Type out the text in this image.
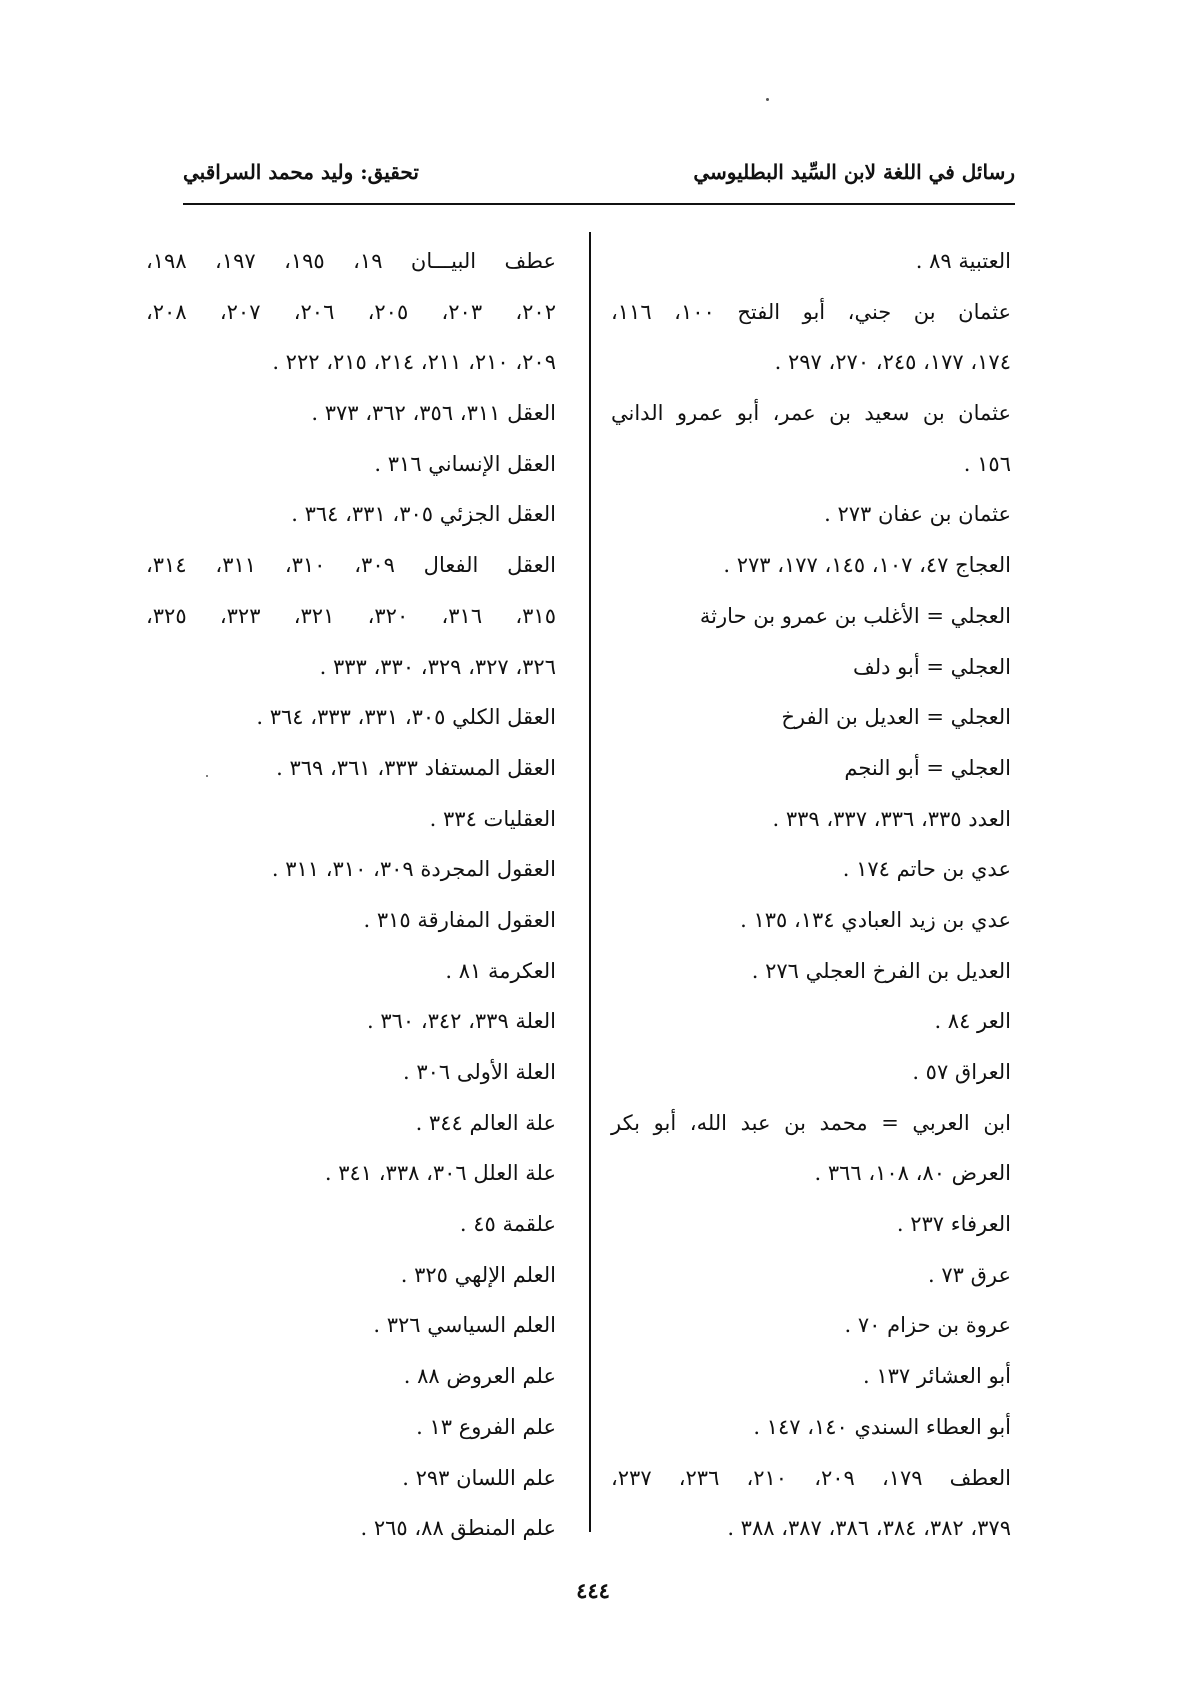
رسائل في اللغة لابن السِّيد البطليوسي
تحقيق: وليد محمد السراقبي
العتبية ٨٩ .
عثمان بن جني، أبو الفتح ١٠٠، ١١٦،
١٧٤، ١٧٧، ٢٤٥، ٢٧٠، ٢٩٧ .
عثمان بن سعيد بن عمر، أبو عمرو الداني
١٥٦ .
عثمان بن عفان ٢٧٣ .
العجاج ٤٧، ١٠٧، ١٤٥، ١٧٧، ٢٧٣ .
العجلي = الأغلب بن عمرو بن حارثة
العجلي = أبو دلف
العجلي = العديل بن الفرخ
العجلي = أبو النجم
العدد ٣٣٥، ٣٣٦، ٣٣٧، ٣٣٩ .
عدي بن حاتم ١٧٤ .
عدي بن زيد العبادي ١٣٤، ١٣٥ .
العديل بن الفرخ العجلي ٢٧٦ .
العر ٨٤ .
العراق ٥٧ .
ابن العربي = محمد بن عبد الله، أبو بكر
العرض ٨٠، ١٠٨، ٣٦٦ .
العرفاء ٢٣٧ .
عرق ٧٣ .
عروة بن حزام ٧٠ .
أبو العشائر ١٣٧ .
أبو العطاء السندي ١٤٠، ١٤٧ .
العطف ١٧٩، ٢٠٩، ٢١٠، ٢٣٦، ٢٣٧،
٣٧٩، ٣٨٢، ٣٨٤، ٣٨٦، ٣٨٧، ٣٨٨ .
عطف البيـــان ١٩، ١٩٥، ١٩٧، ١٩٨،
٢٠٢، ٢٠٣، ٢٠٥، ٢٠٦، ٢٠٧، ٢٠٨،
٢٠٩، ٢١٠، ٢١١، ٢١٤، ٢١٥، ٢٢٢ .
العقل ٣١١، ٣٥٦، ٣٦٢، ٣٧٣ .
العقل الإنساني ٣١٦ .
العقل الجزئي ٣٠٥، ٣٣١، ٣٦٤ .
العقل الفعال ٣٠٩، ٣١٠، ٣١١، ٣١٤،
٣١٥، ٣١٦، ٣٢٠، ٣٢١، ٣٢٣، ٣٢٥،
٣٢٦، ٣٢٧، ٣٢٩، ٣٣٠، ٣٣٣ .
العقل الكلي ٣٠٥، ٣٣١، ٣٣٣، ٣٦٤ .
العقل المستفاد ٣٣٣، ٣٦١، ٣٦٩ .
العقليات ٣٣٤ .
العقول المجردة ٣٠٩، ٣١٠، ٣١١ .
العقول المفارقة ٣١٥ .
العكرمة ٨١ .
العلة ٣٣٩، ٣٤٢، ٣٦٠ .
العلة الأولى ٣٠٦ .
علة العالم ٣٤٤ .
علة العلل ٣٠٦، ٣٣٨، ٣٤١ .
علقمة ٤٥ .
العلم الإلهي ٣٢٥ .
العلم السياسي ٣٢٦ .
علم العروض ٨٨ .
علم الفروع ١٣ .
علم اللسان ٢٩٣ .
علم المنطق ٨٨، ٢٦٥ .
٤٤٤
